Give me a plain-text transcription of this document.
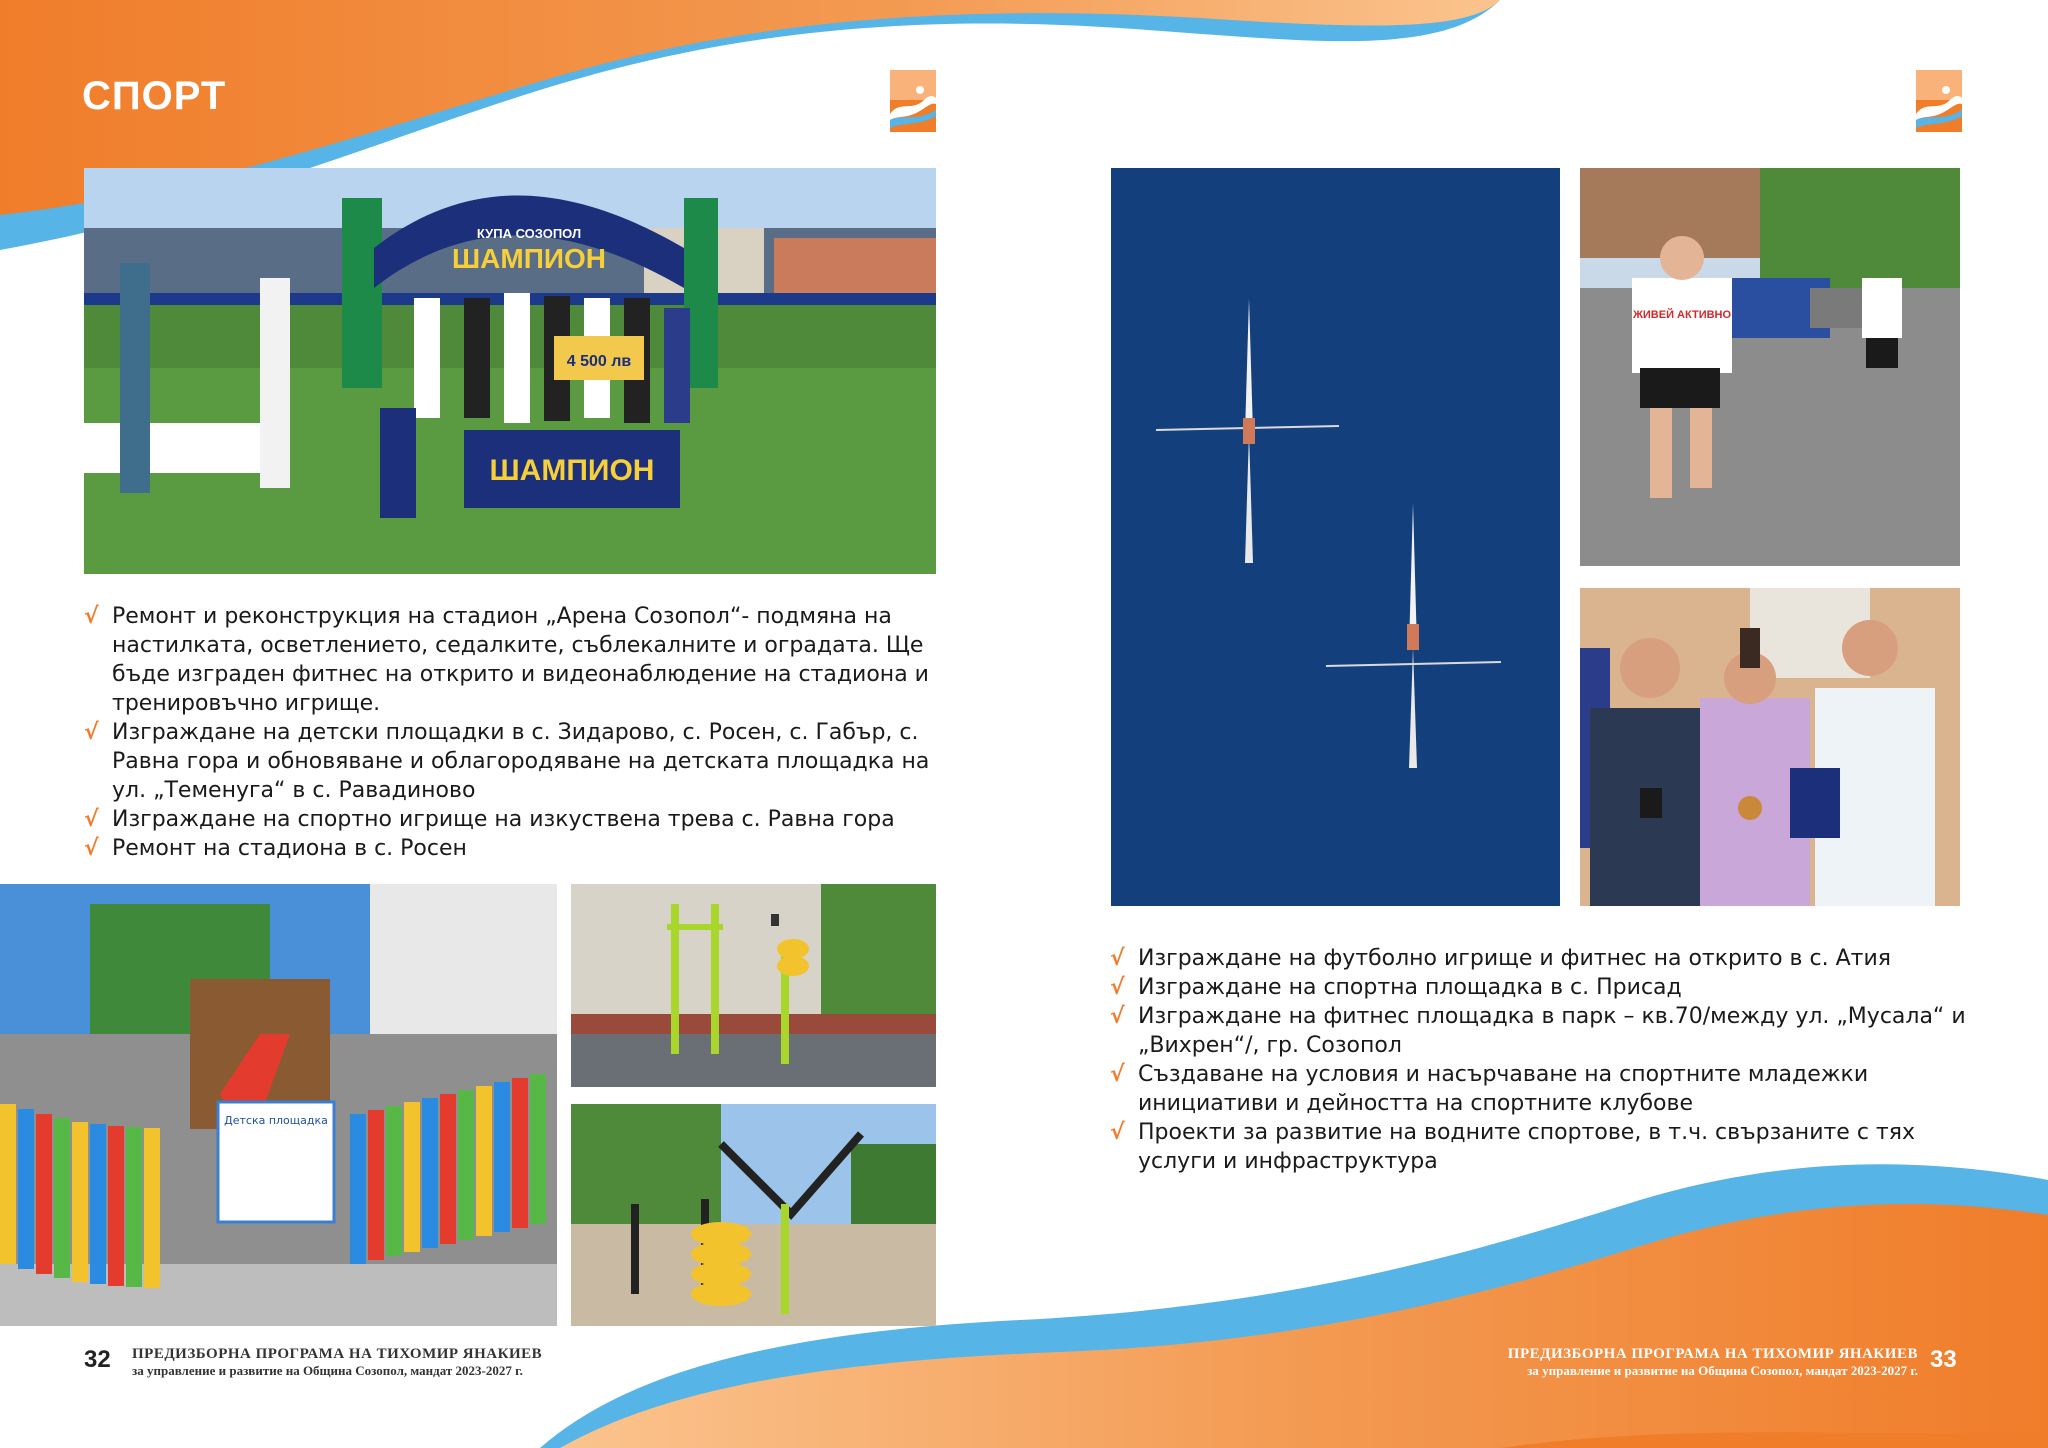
СПОРТ
ШАМПИОН
КУПА СОЗОПОЛ
4 500 лв
ШАМПИОН
√ Ремонт и реконструкция на стадион „Арена Созопол“- подмяна на настилката, осветлението, седалките, съблекалните и оградата. Ще бъде изграден фитнес на открито и видеонаблюдение на стадиона и тренировъчно игрище.
√ Изграждане на детски площадки в с. Зидарово, с. Росен, с. Габър, с. Равна гора и обновяване и облагородяване на детската площадка на ул. „Теменуга“ в с. Равадиново
√ Изграждане на спортно игрище на изкуствена трева с. Равна гора
√ Ремонт на стадиона в с. Росен
Детска площадка
ЖИВЕЙ АКТИВНО
√ Изграждане на футболно игрище и фитнес на открито в с. Атия
√ Изграждане на спортна площадка в с. Присад
√ Изграждане на фитнес площадка в парк – кв.70/между ул. „Мусала“ и „Вихрен“/, гр. Созопол
√ Създаване на условия и насърчаване на спортните младежки инициативи и дейността на спортните клубове
√ Проекти за развитие на водните спортове, в т.ч. свързаните с тях услуги и инфраструктура
32 ПРЕДИЗБОРНА ПРОГРАМА НА ТИХОМИР ЯНАКИЕВ
за управление и развитие на Община Созопол, мандат 2023-2027 г.
ПРЕДИЗБОРНА ПРОГРАМА НА ТИХОМИР ЯНАКИЕВ
за управление и развитие на Община Созопол, мандат 2023-2027 г. 33
